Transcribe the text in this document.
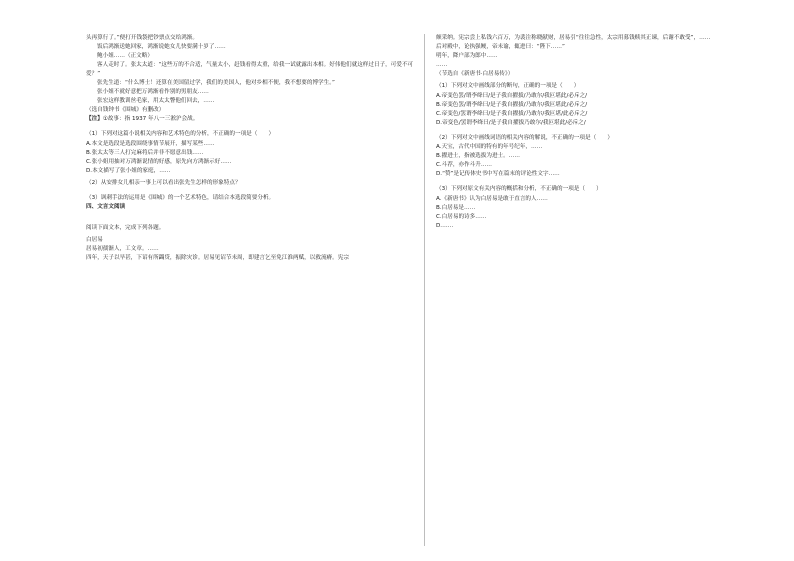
头再算行了。”便打开钱袋把钞票点交给鸿渐。

饭后鸿渐送她回家，鸿渐说她女儿快要满十岁了……

鲍小姐……（正文略）

客人走时了。张太太道：“这些万的不合适，气量太小，赶钱看得太重，给我一试就露出本相。好伟他们就这样过日子，可爱不可爱？”

张先生道：“什么博士！还算在美国留过学，我们的美国人，他对乡相不便，我不想要的博学生。”

张小姐不就好意把万鸿渐看作别的男朋友……

张宏这样教训丝毛家，用太太瞥他们回去，……

（选自钱钟书《围城》有删改）

【注】①故事：指 1937 年八一三淞沪会战。

（1）下列对这篇小说相关内容和艺术特色的分析，不正确的一项是（　　）

A.本文是选段是选段围绕事情节展开，描写某些……

B.张太太等三人打完麻将后并非不愿意出钱……

C.张小姐用抽对万鸿渐说情的好感，原先向方鸿渐示好……

D.本文描写了张小姐的家庭，……

（2）从安排女儿相亲一事上可以看出张先生怎样的形象特点？

（3）讽刺手法的运用是《围城》的一个艺术特色，请结合本选段简要分析。

四、文言文阅读

阅读下面文本，完成下列各题。

白居易

居易初孺渐人，工文章。……

四年，天子以旱甚，下诏有所蠲贷，振除灾诊。居易见诏节未周，即建言乞至免江淮两赋，以救流瘠。宪宗

颇采纳。宪宗尝上私钱六百万，为裴注称晓献财，居易引“往往急性，太宗用募钱赎其正谏，后谢不敢受”，……

后对殿中，论执强鲠，帝未谕，辄进曰：“陛下……”

明年，降户部为郎中……

……

（节选自《新唐书·白居易传》）

（1）下列对文中画线部分的断句，正确的一项是（　　）

A.帝变色罢/谓李绛曰/是子我自擢拔/乃敢尔/我叵堪此/必斥之/

B.帝变色罢/谓李绛曰/是子我自擢拔/乃敢尔/我叵堪此/必斥之/

C.帝变色/罢谓李绛曰/是子我自擢拔/乃敢尔/我叵堪/此必斥之/

D.帝变色/罢谓李绛曰/是子我自擢拔乃敢尔/我叵堪此/必斥之/

（2）下列对文中画线词语的相关内容的解说，不正确的一项是（　　）

A.天宝，古代中国的特有的年号纪年，……

B.擢进士，指被选拔为进士。……

C.斗荐，亦作斗升……

D.“赞”是记传体史书中写在篇末的评论性文字……

（3）下列对原文有关内容的概括和分析，不正确的一项是（　　）

A.《新唐书》认为白居易是敢于直言的人……

B.白居易是……

C.白居易的诗多……

D.……
